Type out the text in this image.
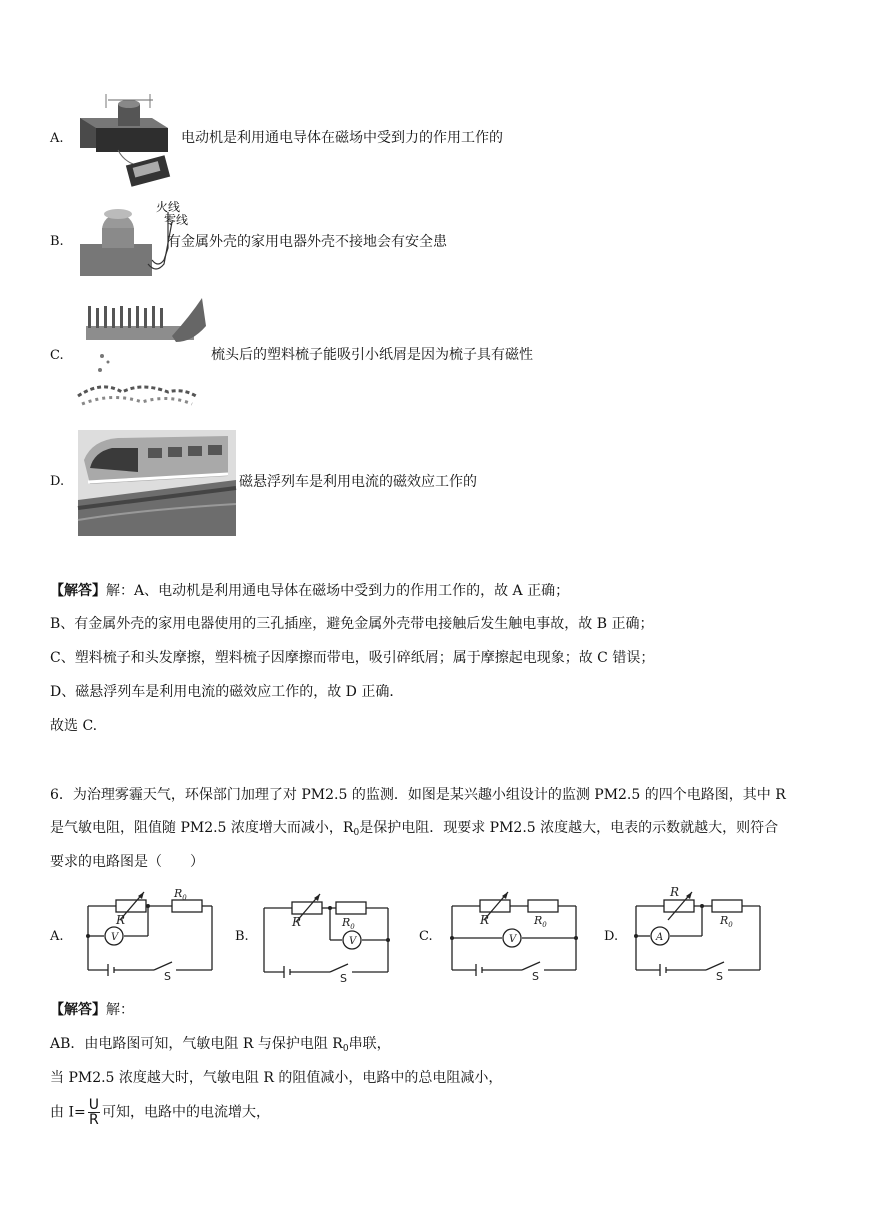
A.	电动机是利用通电导体在磁场中受到力的作用工作的
B.
火线
零线
有金属外壳的家用电器外壳不接地会有安全患
C.	梳头后的塑料梳子能吸引小纸屑是因为梳子具有磁性
D.	磁悬浮列车是利用电流的磁效应工作的
【解答】解：A、电动机是利用通电导体在磁场中受到力的作用工作的，故 A 正确；
B、有金属外壳的家用电器使用的三孔插座，避免金属外壳带电接触后发生触电事故，故 B 正确；
C、塑料梳子和头发摩擦，塑料梳子因摩擦而带电，吸引碎纸屑；属于摩擦起电现象；故 C 错误；
D、磁悬浮列车是利用电流的磁效应工作的，故 D 正确．
故选 C.
6．为治理雾霾天气，环保部门加理了对 PM2.5 的监测．如图是某兴趣小组设计的监测 PM2.5 的四个电路图，其中 R
是气敏电阻，阻值随 PM2.5 浓度增大而减小，$R_0$是保护电阻．现要求 PM2.5 浓度越大，电表的示数就越大，则符合
要求的电路图是（　　）
A.	V
R
$R_0$
S
B.	V
R	$R_0$
S
C.	V
R	$R_0$
S
D.	A
R
$R_0$
S
【解答】解：
AB．由电路图可知，气敏电阻 R 与保护电阻 $R_0$串联，
当 PM2.5 浓度越大时，气敏电阻 R 的阻值减小，电路中的总电阻减小，
由 $I= \frac{U}{R}$ 可知，电路中的电流增大，
